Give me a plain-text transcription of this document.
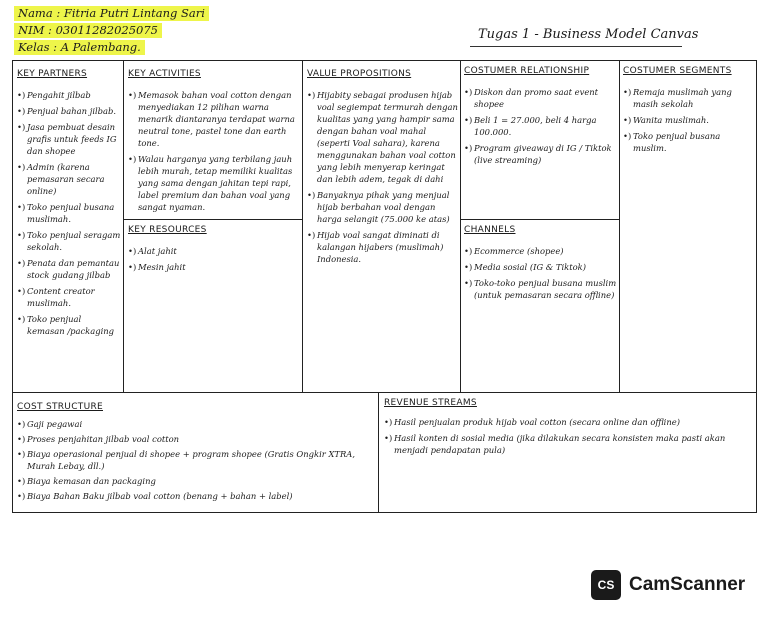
Nama : Fitria Putri Lintang Sari
NIM : 03011282025075
Kelas : A Palembang.
Tugas 1 - Business Model Canvas
KEY PARTNERS
•) Pengahit jilbab
•) Penjual bahan jilbab.
•) Jasa pembuat desain grafis untuk feeds IG dan shopee
•) Admin (karena pemasaran secara online)
•) Toko penjual busana muslimah.
•) Toko penjual seragam sekolah.
•) Penata dan pemantau stock gudang jilbab
•) Content creator muslimah.
•) Toko penjual kemasan /packaging
KEY ACTIVITIES
•) Memasok bahan voal cotton dengan menyediakan 12 pilihan warna menarik diantaranya terdapat warna neutral tone, pastel tone dan earth tone.
•) Walau harganya yang terbilang jauh lebih murah, tetap memiliki kualitas yang sama dengan jahitan tepi rapi, label premium dan bahan voal yang sangat nyaman.
KEY RESOURCES
•) Alat jahit
•) Mesin jahit
VALUE PROPOSITIONS
•) Hijabity sebagai produsen hijab voal segiempat termurah dengan kualitas yang yang hampir sama dengan bahan voal mahal (seperti Voal sahara), karena menggunakan bahan voal cotton yang lebih menyerap keringat dan lebih adem, tegak di dahi
•) Banyaknya pihak yang menjual hijab berbahan voal dengan harga selangit (75.000 ke atas)
•) Hijab voal sangat diminati di kalangan hijabers (muslimah) Indonesia.
COSTUMER RELATIONSHIP
•) Diskon dan promo saat event shopee
•) Beli 1 = 27.000, beli 4 harga 100.000.
•) Program giveaway di IG / Tiktok (live streaming)
CHANNELS
•) Ecommerce (shopee)
•) Media sosial (IG & Tiktok)
•) Toko-toko penjual busana muslim (untuk pemasaran secara offline)
COSTUMER SEGMENTS
•) Remaja muslimah yang masih sekolah
•) Wanita muslimah.
•) Toko penjual busana muslim.
COST STRUCTURE
•) Gaji pegawai
•) Proses penjahitan jilbab voal cotton
•) Biaya operasional penjual di shopee + program shopee (Gratis Ongkir XTRA, Murah Lebay, dll.)
•) Biaya kemasan dan packaging
•) Biaya Bahan Baku jilbab voal cotton (benang + bahan + label)
REVENUE STREAMS
•) Hasil penjualan produk hijab voal cotton (secara online dan offline)
•) Hasil konten di sosial media (jika dilakukan secara konsisten maka pasti akan menjadi pendapatan pula)
CS CamScanner
